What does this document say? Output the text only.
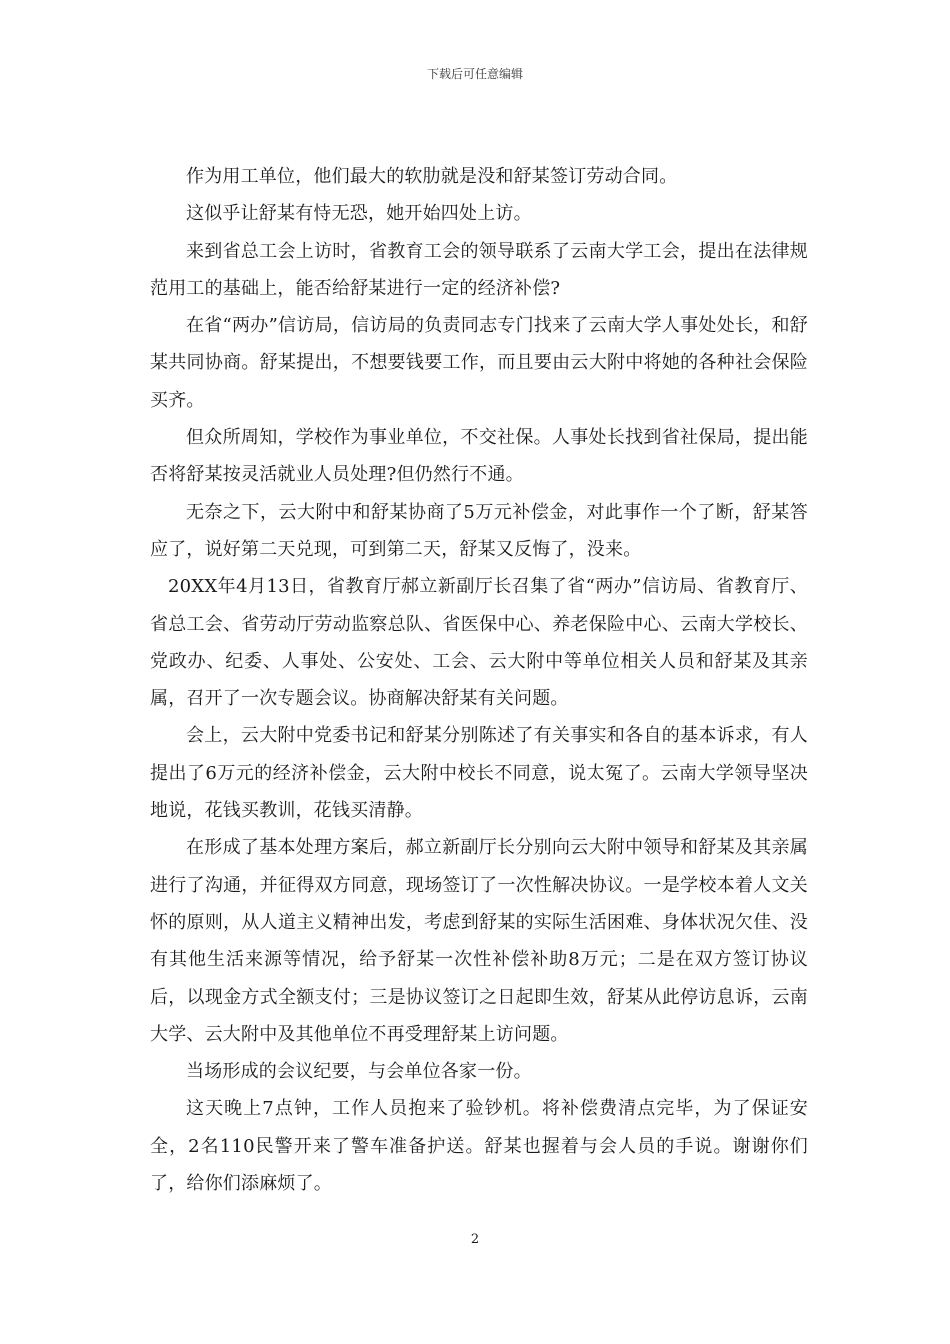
下载后可任意编辑

作为用工单位，他们最大的软肋就是没和舒某签订劳动合同。

这似乎让舒某有恃无恐，她开始四处上访。

来到省总工会上访时，省教育工会的领导联系了云南大学工会，提出在法律规范用工的基础上，能否给舒某进行一定的经济补偿?

在省“两办”信访局，信访局的负责同志专门找来了云南大学人事处处长，和舒某共同协商。舒某提出，不想要钱要工作，而且要由云大附中将她的各种社会保险买齐。

但众所周知，学校作为事业单位，不交社保。人事处长找到省社保局，提出能否将舒某按灵活就业人员处理?但仍然行不通。

无奈之下，云大附中和舒某协商了5万元补偿金，对此事作一个了断，舒某答应了，说好第二天兑现，可到第二天，舒某又反悔了，没来。

20XX年4月13日，省教育厅郝立新副厅长召集了省“两办”信访局、省教育厅、省总工会、省劳动厅劳动监察总队、省医保中心、养老保险中心、云南大学校长、党政办、纪委、人事处、公安处、工会、云大附中等单位相关人员和舒某及其亲属，召开了一次专题会议。协商解决舒某有关问题。

会上，云大附中党委书记和舒某分别陈述了有关事实和各自的基本诉求，有人提出了6万元的经济补偿金，云大附中校长不同意，说太冤了。云南大学领导坚决地说，花钱买教训，花钱买清静。

在形成了基本处理方案后，郝立新副厅长分别向云大附中领导和舒某及其亲属进行了沟通，并征得双方同意，现场签订了一次性解决协议。一是学校本着人文关怀的原则，从人道主义精神出发，考虑到舒某的实际生活困难、身体状况欠佳、没有其他生活来源等情况，给予舒某一次性补偿补助8万元；二是在双方签订协议后，以现金方式全额支付；三是协议签订之日起即生效，舒某从此停访息诉，云南大学、云大附中及其他单位不再受理舒某上访问题。

当场形成的会议纪要，与会单位各家一份。

这天晚上7点钟，工作人员抱来了验钞机。将补偿费清点完毕，为了保证安全，2名110民警开来了警车准备护送。舒某也握着与会人员的手说。谢谢你们了，给你们添麻烦了。

2
